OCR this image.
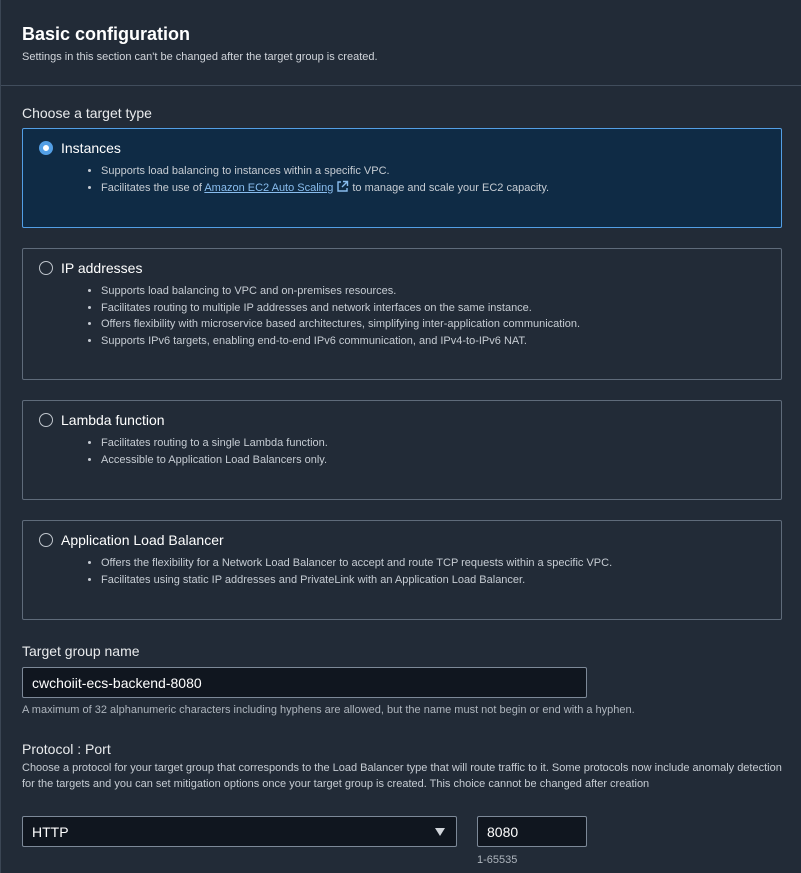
Basic configuration
Settings in this section can't be changed after the target group is created.
Choose a target type
Instances
• Supports load balancing to instances within a specific VPC.
• Facilitates the use of Amazon EC2 Auto Scaling to manage and scale your EC2 capacity.
IP addresses
• Supports load balancing to VPC and on-premises resources.
• Facilitates routing to multiple IP addresses and network interfaces on the same instance.
• Offers flexibility with microservice based architectures, simplifying inter-application communication.
• Supports IPv6 targets, enabling end-to-end IPv6 communication, and IPv4-to-IPv6 NAT.
Lambda function
• Facilitates routing to a single Lambda function.
• Accessible to Application Load Balancers only.
Application Load Balancer
• Offers the flexibility for a Network Load Balancer to accept and route TCP requests within a specific VPC.
• Facilitates using static IP addresses and PrivateLink with an Application Load Balancer.
Target group name
cwchoiit-ecs-backend-8080
A maximum of 32 alphanumeric characters including hyphens are allowed, but the name must not begin or end with a hyphen.
Protocol : Port
Choose a protocol for your target group that corresponds to the Load Balancer type that will route traffic to it. Some protocols now include anomaly detection for the targets and you can set mitigation options once your target group is created. This choice cannot be changed after creation
HTTP
8080
1-65535
